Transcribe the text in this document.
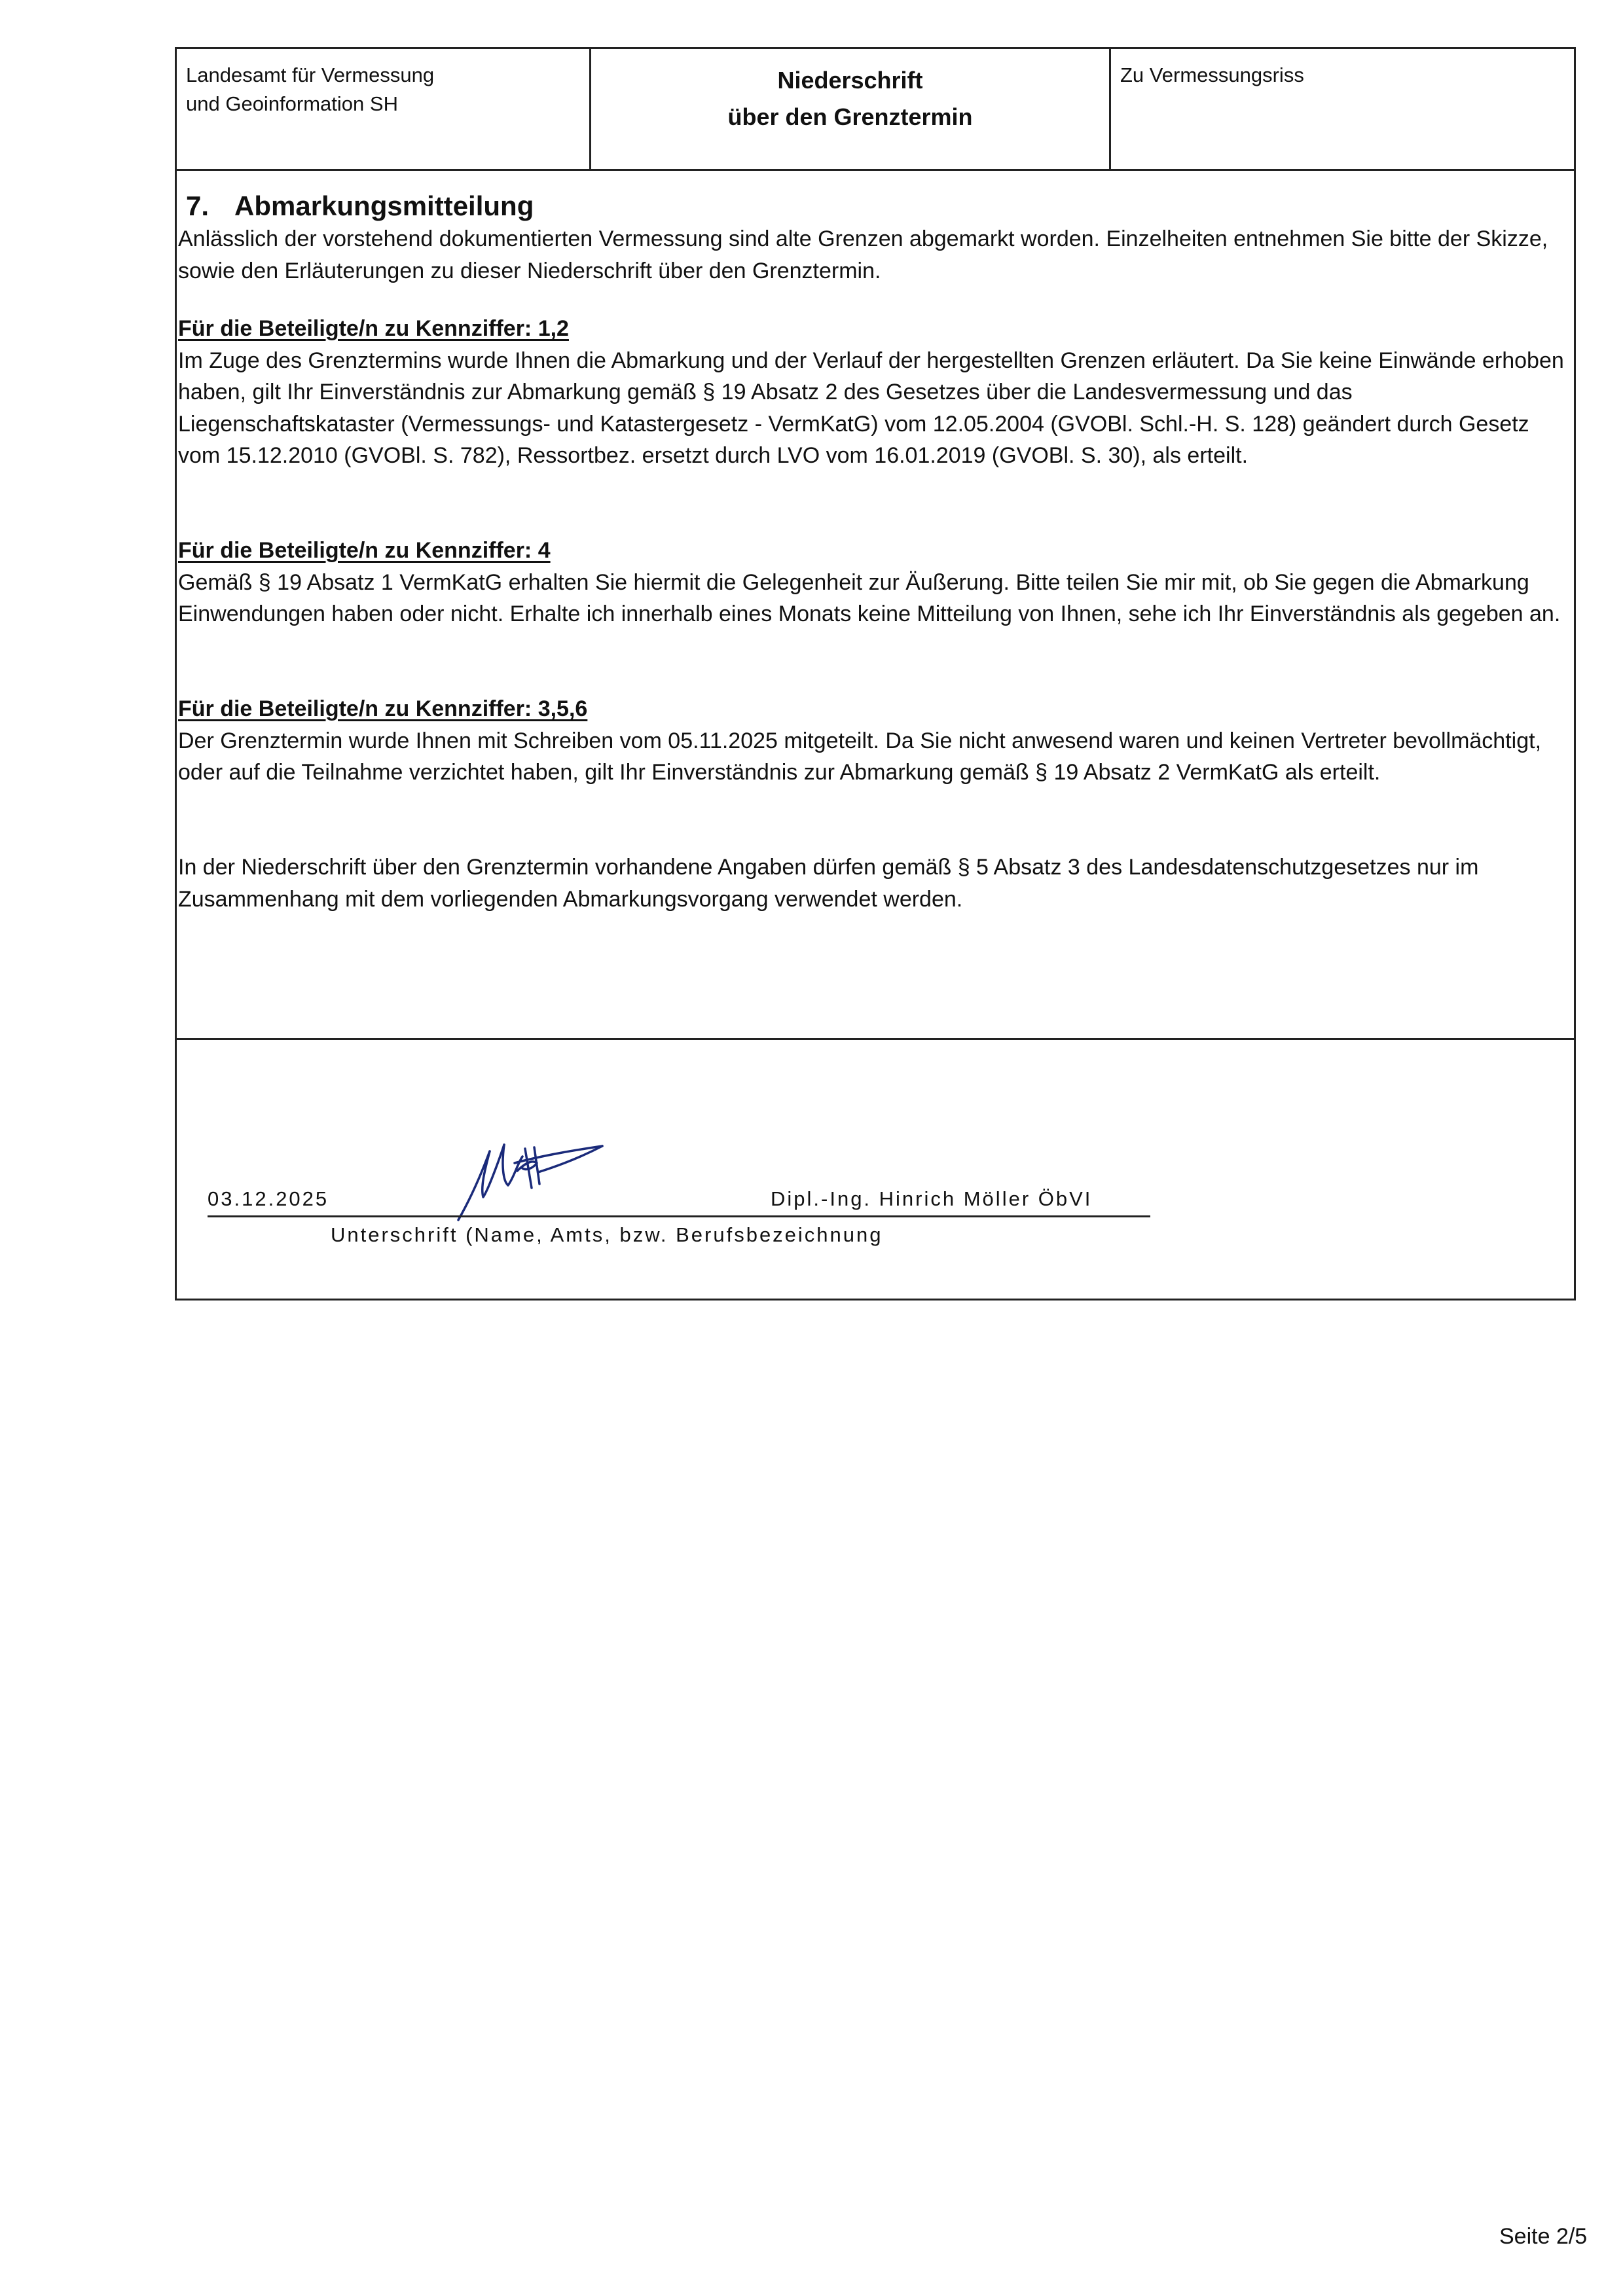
Landesamt für Vermessung
und Geoinformation SH
Niederschrift
über den Grenztermin
Zu Vermessungsriss
7. Abmarkungsmitteilung
Anlässlich der vorstehend dokumentierten Vermessung sind alte Grenzen abgemarkt worden. Einzelheiten entnehmen Sie bitte der Skizze, sowie den Erläuterungen zu dieser Niederschrift über den Grenztermin.
Für die Beteiligte/n zu Kennziffer: 1,2
Im Zuge des Grenztermins wurde Ihnen die Abmarkung und der Verlauf der hergestellten Grenzen erläutert. Da Sie keine Einwände erhoben haben, gilt Ihr Einverständnis zur Abmarkung gemäß § 19 Absatz 2 des Gesetzes über die Landesvermessung und das Liegenschaftskataster (Vermessungs- und Katastergesetz - VermKatG) vom 12.05.2004 (GVOBl. Schl.-H. S. 128) geändert durch Gesetz vom 15.12.2010 (GVOBl. S. 782), Ressortbez. ersetzt durch LVO vom 16.01.2019 (GVOBl. S. 30), als erteilt.
Für die Beteiligte/n zu Kennziffer: 4
Gemäß § 19 Absatz 1 VermKatG erhalten Sie hiermit die Gelegenheit zur Äußerung. Bitte teilen Sie mir mit, ob Sie gegen die Abmarkung Einwendungen haben oder nicht. Erhalte ich innerhalb eines Monats keine Mitteilung von Ihnen, sehe ich Ihr Einverständnis als gegeben an.
Für die Beteiligte/n zu Kennziffer: 3,5,6
Der Grenztermin wurde Ihnen mit Schreiben vom 05.11.2025 mitgeteilt. Da Sie nicht anwesend waren und keinen Vertreter bevollmächtigt, oder auf die Teilnahme verzichtet haben, gilt Ihr Einverständnis zur Abmarkung gemäß § 19 Absatz 2 VermKatG als erteilt.
In der Niederschrift über den Grenztermin vorhandene Angaben dürfen gemäß § 5 Absatz 3 des Landesdatenschutzgesetzes nur im Zusammenhang mit dem vorliegenden Abmarkungsvorgang verwendet werden.
03.12.2025	Dipl.-Ing. Hinrich Möller ÖbVI
Unterschrift (Name, Amts, bzw. Berufsbezeichnung
Seite 2/5
